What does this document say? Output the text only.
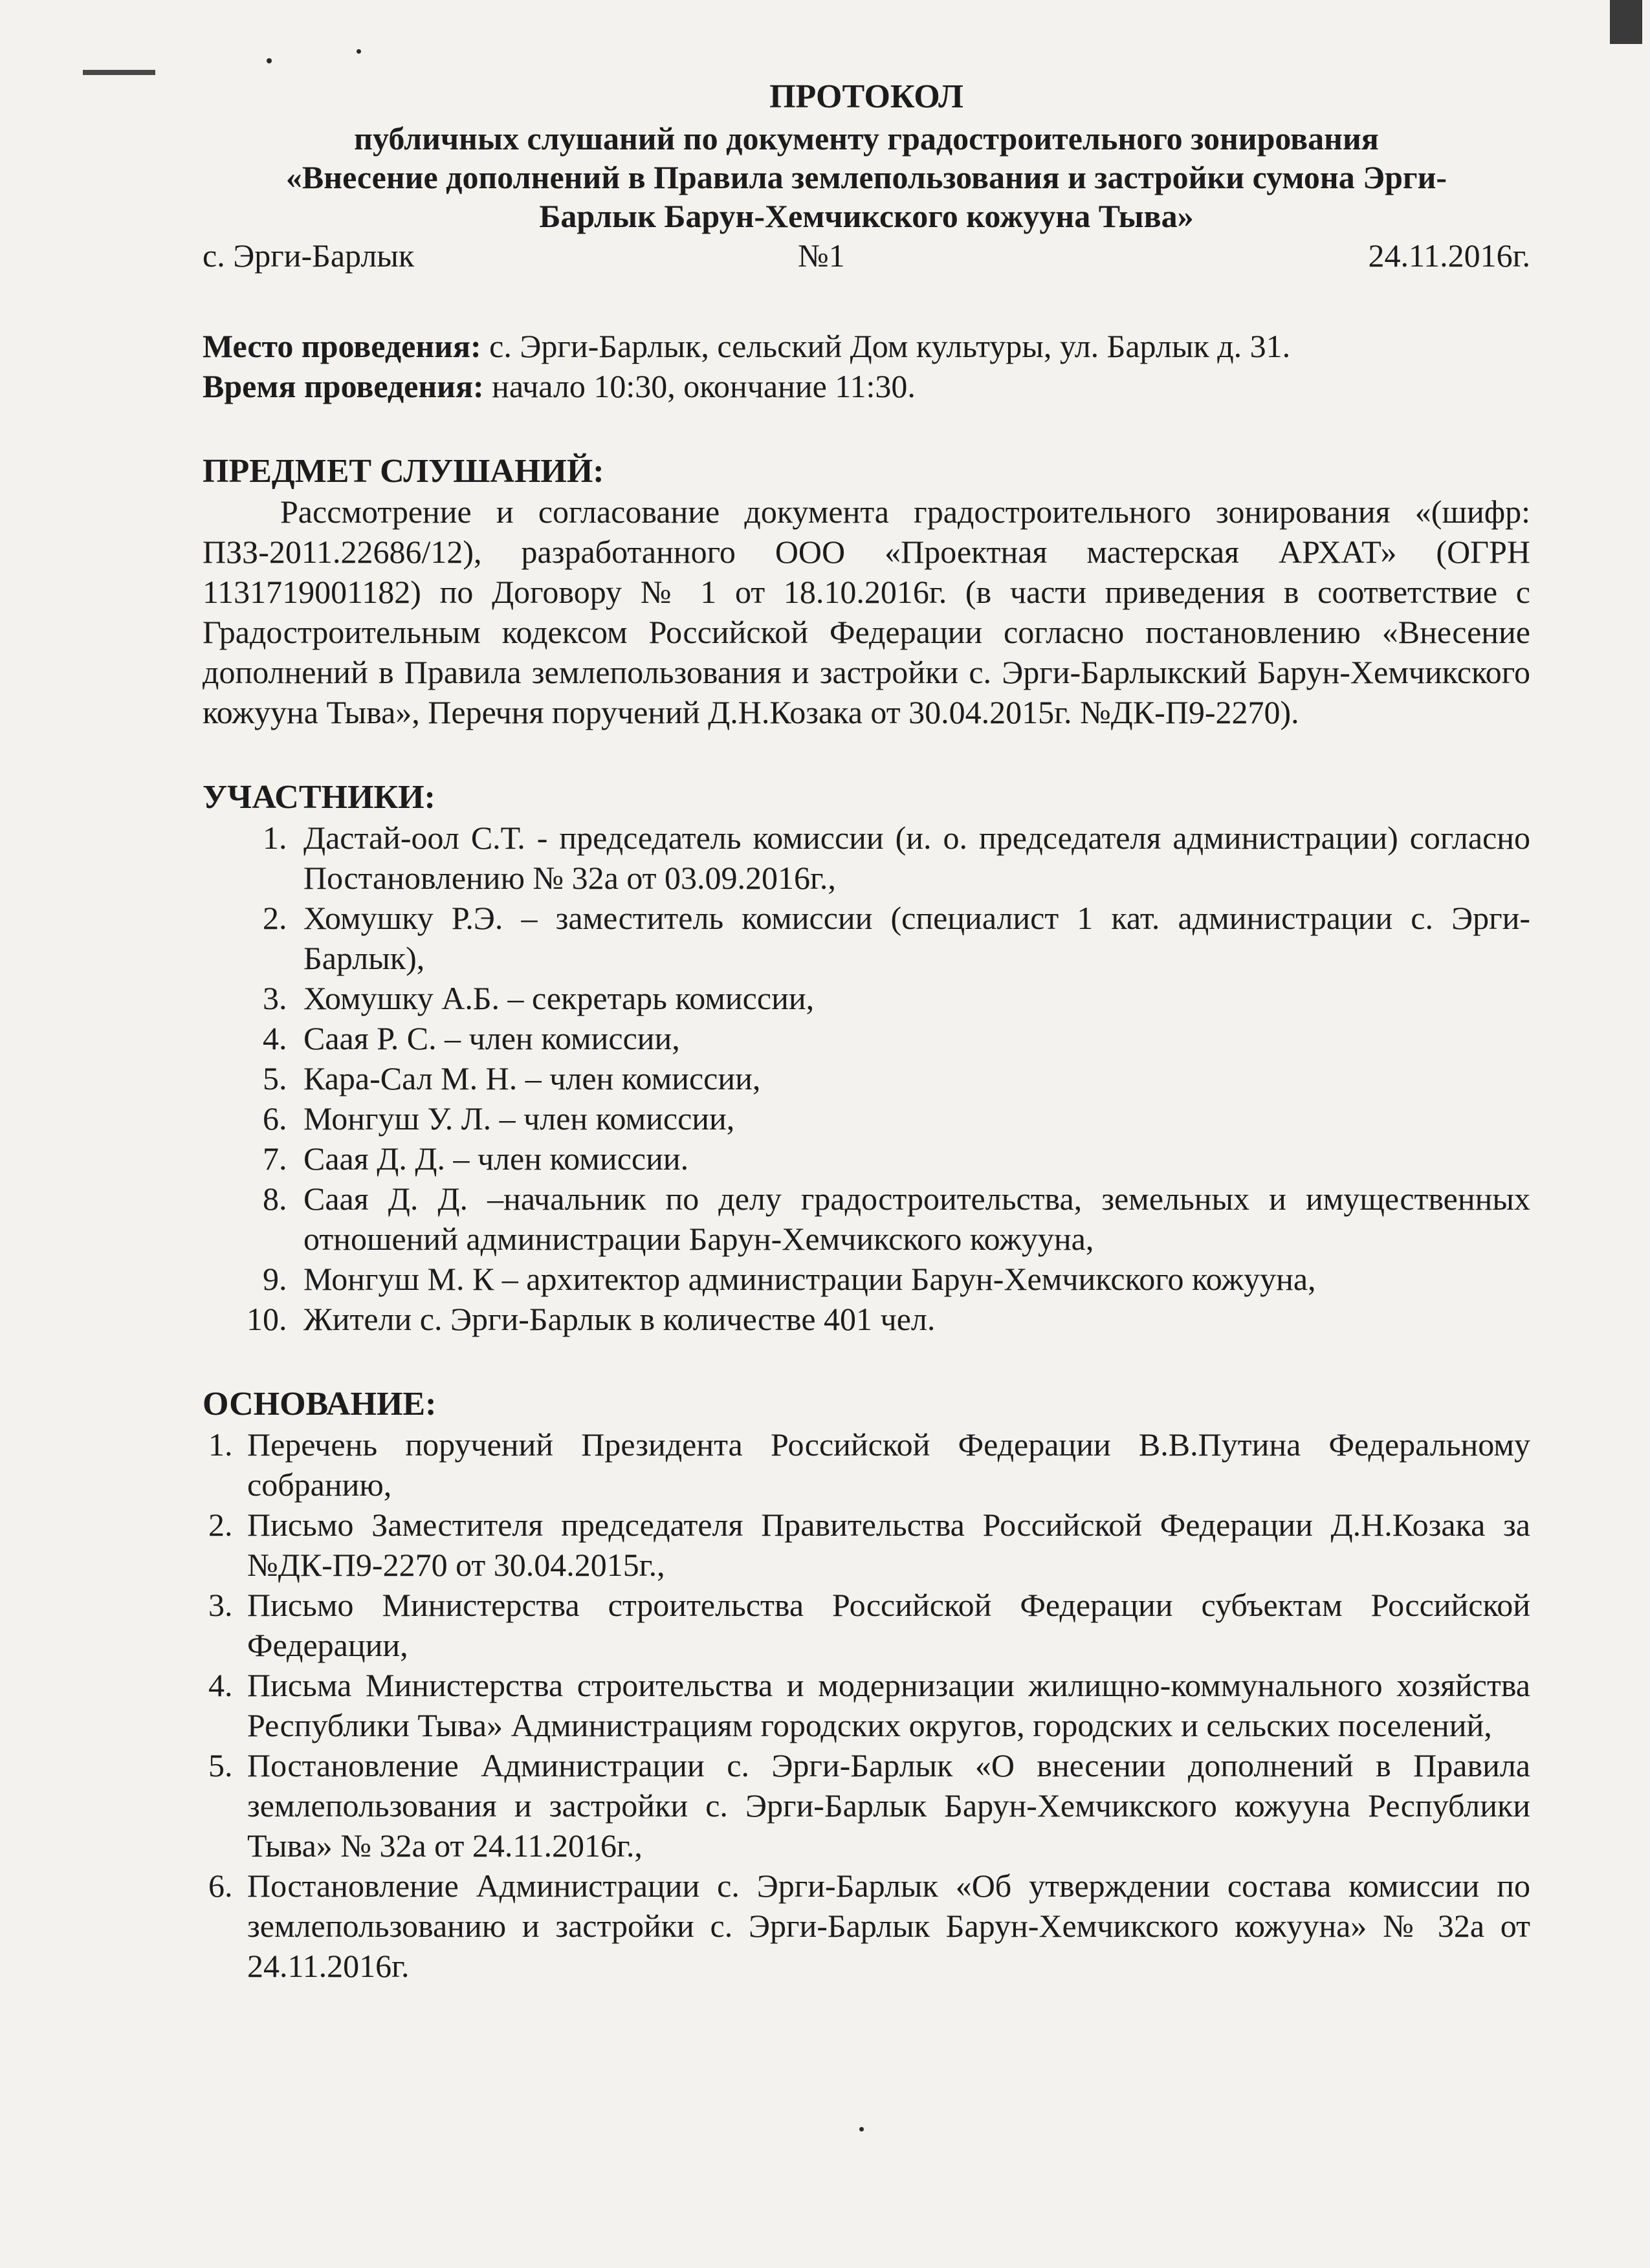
ПРОТОКОЛ
публичных слушаний по документу градостроительного зонирования
«Внесение дополнений в Правила землепользования и застройки сумона Эрги-
Барлык Барун-Хемчикского кожууна Тыва»
с. Эрги-Барлык	№1	24.11.2016г.
Место проведения: с. Эрги-Барлык, сельский Дом культуры, ул. Барлык д. 31.
Время проведения: начало 10:30, окончание 11:30.
ПРЕДМЕТ СЛУШАНИЙ:
Рассмотрение и согласование документа градостроительного зонирования «(шифр: ПЗЗ-2011.22686/12), разработанного ООО «Проектная мастерская АРХАТ» (ОГРН 1131719001182) по Договору № 1 от 18.10.2016г. (в части приведения в соответствие с Градостроительным кодексом Российской Федерации согласно постановлению «Внесение дополнений в Правила землепользования и застройки с. Эрги-Барлыкский Барун-Хемчикского кожууна Тыва», Перечня поручений Д.Н.Козака от 30.04.2015г. №ДК-П9-2270).
УЧАСТНИКИ:
1. Дастай-оол С.Т. - председатель комиссии (и. о. председателя администрации) согласно Постановлению № 32а от 03.09.2016г.,
2. Хомушку Р.Э. – заместитель комиссии (специалист 1 кат. администрации с. Эрги-Барлык),
3. Хомушку А.Б. – секретарь комиссии,
4. Саая Р. С. – член комиссии,
5. Кара-Сал М. Н. – член комиссии,
6. Монгуш У. Л. – член комиссии,
7. Саая Д. Д. – член комиссии.
8. Саая Д. Д. –начальник по делу градостроительства, земельных и имущественных отношений администрации Барун-Хемчикского кожууна,
9. Монгуш М. К – архитектор администрации Барун-Хемчикского кожууна,
10. Жители с. Эрги-Барлык в количестве 401 чел.
ОСНОВАНИЕ:
1. Перечень поручений Президента Российской Федерации В.В.Путина Федеральному собранию,
2. Письмо Заместителя председателя Правительства Российской Федерации Д.Н.Козака за №ДК-П9-2270 от 30.04.2015г.,
3. Письмо Министерства строительства Российской Федерации субъектам Российской Федерации,
4. Письма Министерства строительства и модернизации жилищно-коммунального хозяйства Республики Тыва» Администрациям городских округов, городских и сельских поселений,
5. Постановление Администрации с. Эрги-Барлык «О внесении дополнений в Правила землепользования и застройки с. Эрги-Барлык Барун-Хемчикского кожууна Республики Тыва» № 32а от 24.11.2016г.,
6. Постановление Администрации с. Эрги-Барлык «Об утверждении состава комиссии по землепользованию и застройки с. Эрги-Барлык Барун-Хемчикского кожууна» № 32а от 24.11.2016г.
